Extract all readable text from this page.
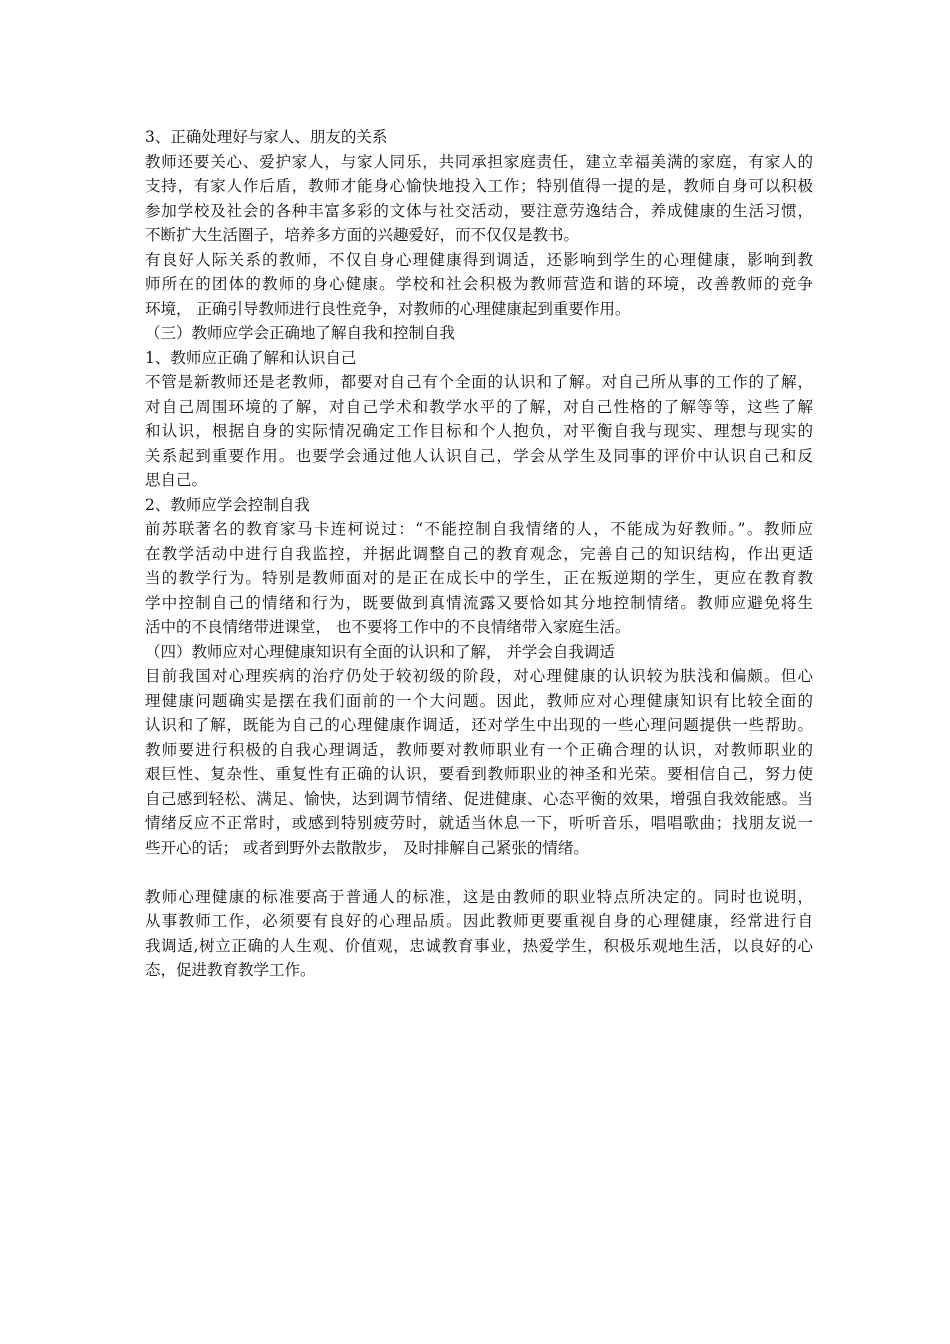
3、正确处理好与家人、朋友的关系

教师还要关心、爱护家人，与家人同乐，共同承担家庭责任，建立幸福美满的家庭，有家人的

支持，有家人作后盾，教师才能身心愉快地投入工作；特别值得一提的是，教师自身可以积极

参加学校及社会的各种丰富多彩的文体与社交活动，要注意劳逸结合，养成健康的生活习惯，

不断扩大生活圈子，培养多方面的兴趣爱好，而不仅仅是教书。

有良好人际关系的教师，不仅自身心理健康得到调适，还影响到学生的心理健康，影响到教

师所在的团体的教师的身心健康。学校和社会积极为教师营造和谐的环境，改善教师的竞争

环境， 正确引导教师进行良性竞争，对教师的心理健康起到重要作用。

（三）教师应学会正确地了解自我和控制自我

1、教师应正确了解和认识自己

不管是新教师还是老教师，都要对自己有个全面的认识和了解。对自己所从事的工作的了解，

对自己周围环境的了解，对自己学术和教学水平的了解，对自己性格的了解等等，这些了解

和认识，根据自身的实际情况确定工作目标和个人抱负，对平衡自我与现实、理想与现实的

关系起到重要作用。也要学会通过他人认识自己，学会从学生及同事的评价中认识自己和反

思自己。

2、教师应学会控制自我

前苏联著名的教育家马卡连柯说过：“不能控制自我情绪的人，不能成为好教师。”。教师应

在教学活动中进行自我监控，并据此调整自己的教育观念，完善自己的知识结构，作出更适

当的教学行为。特别是教师面对的是正在成长中的学生，正在叛逆期的学生，更应在教育教

学中控制自己的情绪和行为，既要做到真情流露又要恰如其分地控制情绪。教师应避免将生

活中的不良情绪带进课堂， 也不要将工作中的不良情绪带入家庭生活。

（四）教师应对心理健康知识有全面的认识和了解， 并学会自我调适

目前我国对心理疾病的治疗仍处于较初级的阶段，对心理健康的认识较为肤浅和偏颇。但心

理健康问题确实是摆在我们面前的一个大问题。因此，教师应对心理健康知识有比较全面的

认识和了解，既能为自己的心理健康作调适，还对学生中出现的一些心理问题提供一些帮助。

教师要进行积极的自我心理调适，教师要对教师职业有一个正确合理的认识，对教师职业的

艰巨性、复杂性、重复性有正确的认识，要看到教师职业的神圣和光荣。要相信自己，努力使

自己感到轻松、满足、愉快，达到调节情绪、促进健康、心态平衡的效果，增强自我效能感。当

情绪反应不正常时，或感到特别疲劳时，就适当休息一下，听听音乐，唱唱歌曲；找朋友说一

些开心的话； 或者到野外去散散步， 及时排解自己紧张的情绪。

教师心理健康的标准要高于普通人的标准，这是由教师的职业特点所决定的。同时也说明，

从事教师工作，必须要有良好的心理品质。因此教师更要重视自身的心理健康，经常进行自

我调适,树立正确的人生观、价值观，忠诚教育事业，热爱学生，积极乐观地生活，以良好的心

态，促进教育教学工作。
